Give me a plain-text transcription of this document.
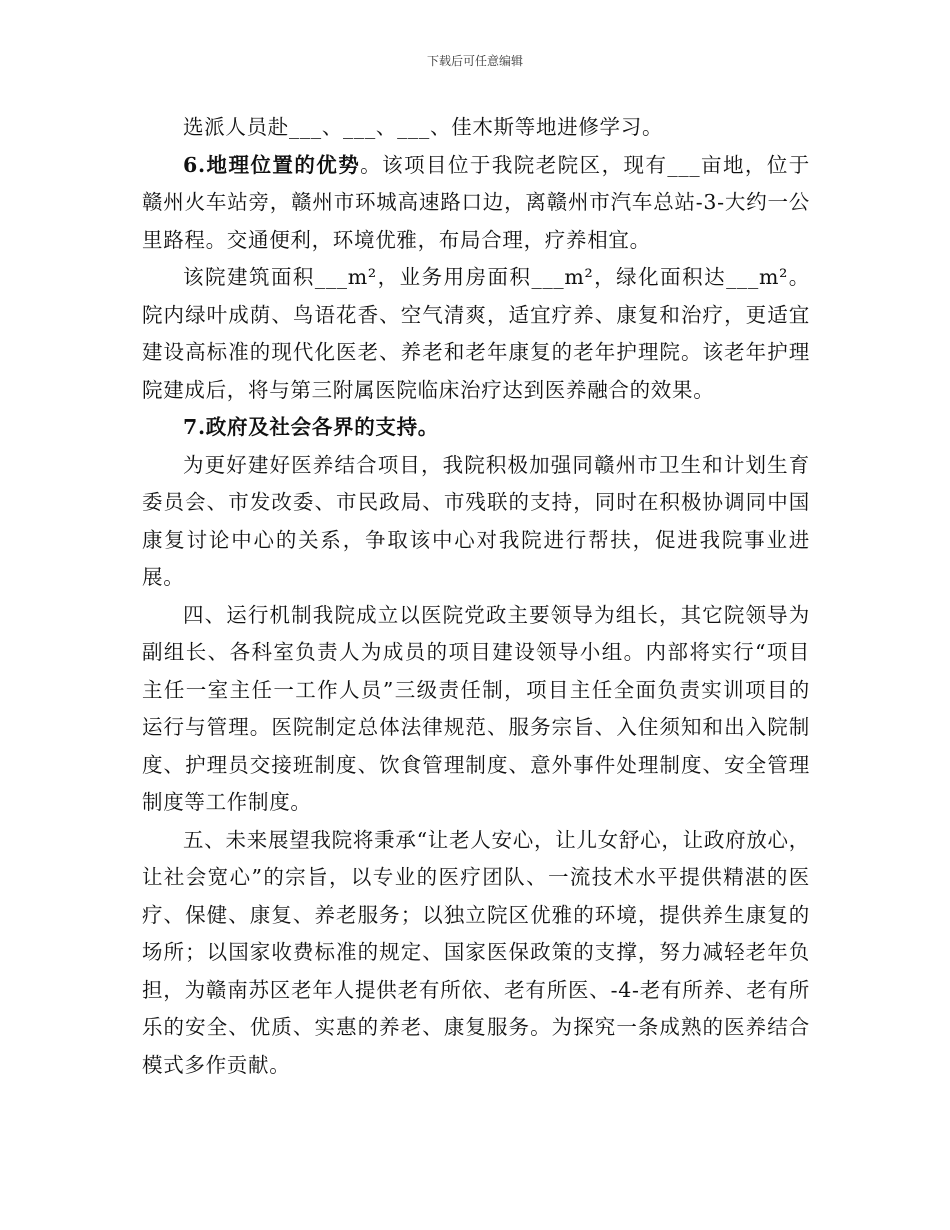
下载后可任意编辑

选派人员赴___、___、___、佳木斯等地进修学习。

6.地理位置的优势。该项目位于我院老院区，现有___亩地，位于赣州火车站旁，赣州市环城高速路口边，离赣州市汽车总站-3-大约一公里路程。交通便利，环境优雅，布局合理，疗养相宜。

该院建筑面积___m²，业务用房面积___m²，绿化面积达___m²。院内绿叶成荫、鸟语花香、空气清爽，适宜疗养、康复和治疗，更适宜建设高标准的现代化医老、养老和老年康复的老年护理院。该老年护理院建成后，将与第三附属医院临床治疗达到医养融合的效果。

7.政府及社会各界的支持。

为更好建好医养结合项目，我院积极加强同赣州市卫生和计划生育委员会、市发改委、市民政局、市残联的支持，同时在积极协调同中国康复讨论中心的关系，争取该中心对我院进行帮扶，促进我院事业进展。

四、运行机制我院成立以医院党政主要领导为组长，其它院领导为副组长、各科室负责人为成员的项目建设领导小组。内部将实行“项目主任一室主任一工作人员”三级责任制，项目主任全面负责实训项目的运行与管理。医院制定总体法律规范、服务宗旨、入住须知和出入院制度、护理员交接班制度、饮食管理制度、意外事件处理制度、安全管理制度等工作制度。

五、未来展望我院将秉承“让老人安心，让儿女舒心，让政府放心，让社会宽心”的宗旨，以专业的医疗团队、一流技术水平提供精湛的医疗、保健、康复、养老服务；以独立院区优雅的环境，提供养生康复的场所；以国家收费标准的规定、国家医保政策的支撑，努力减轻老年负担，为赣南苏区老年人提供老有所依、老有所医、-4-老有所养、老有所乐的安全、优质、实惠的养老、康复服务。为探究一条成熟的医养结合模式多作贡献。
